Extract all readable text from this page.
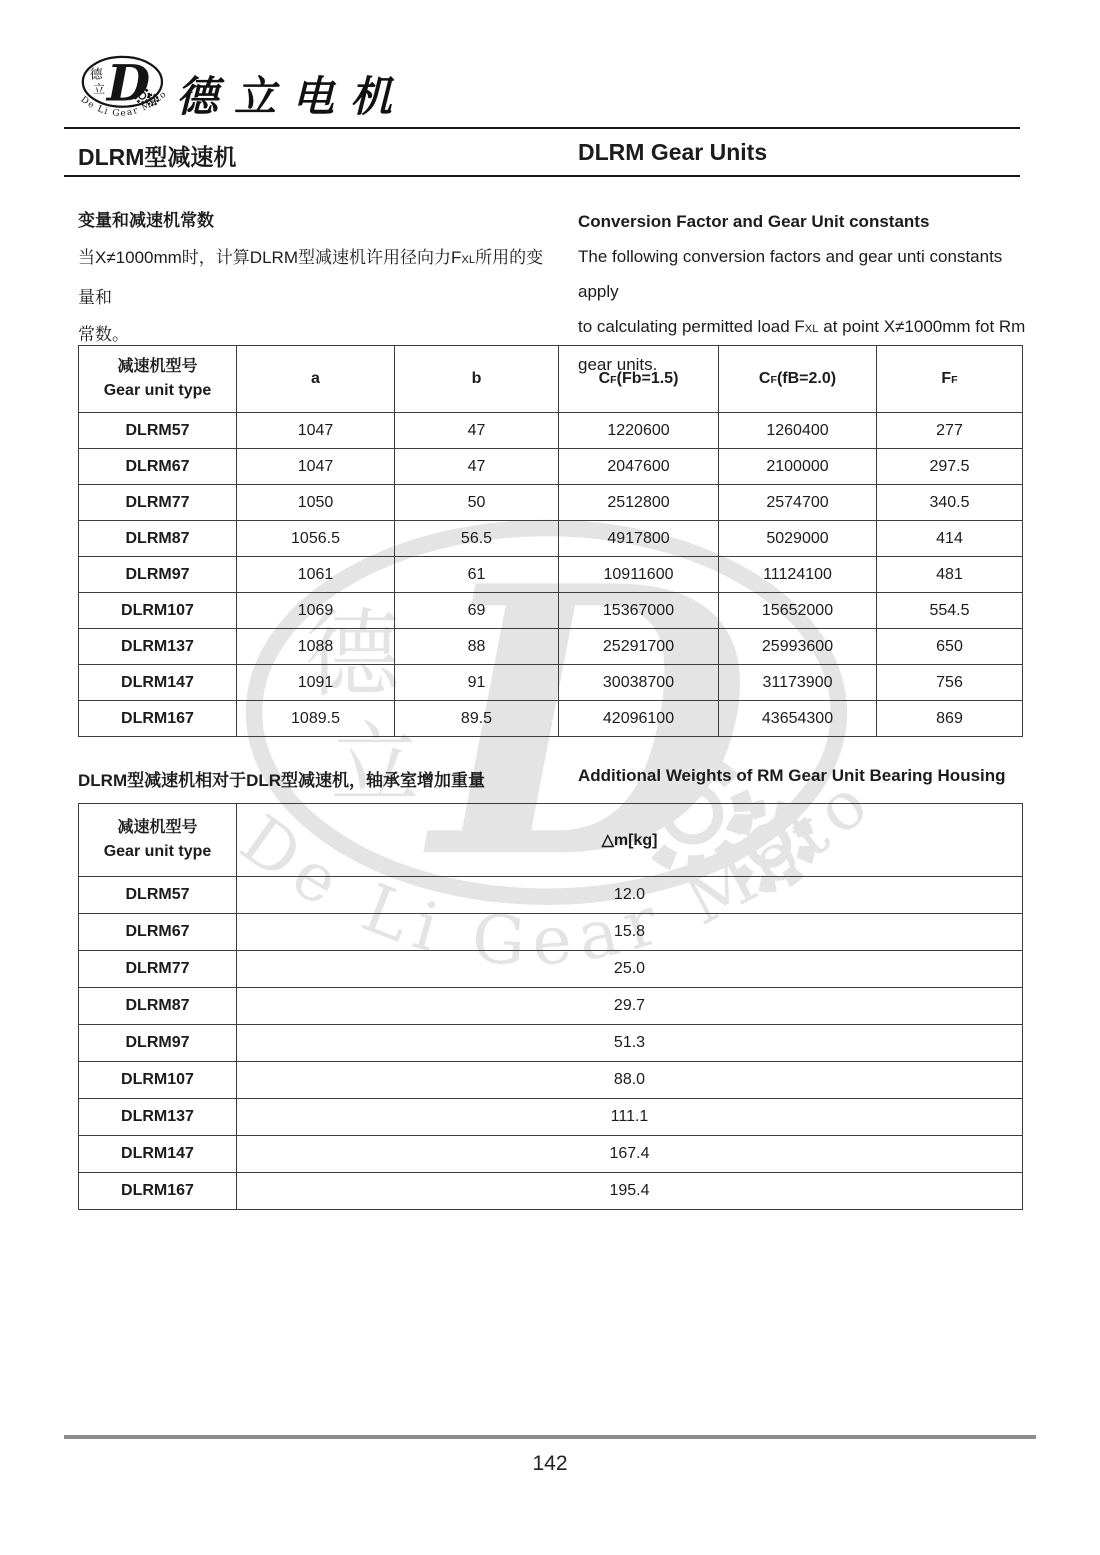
德立电机
DLRM型减速机	DLRM Gear Units
变量和减速机常数
当X≠1000mm时，计算DLRM型减速机许用径向力FXL所用的变量和
常数。
Conversion Factor and Gear Unit constants
The following conversion factors and gear unti constants apply
to calculating permitted load FXL at point X≠1000mm fot Rm
gear units.
减速机型号
Gear unit type	a	b	CF(Fb=1.5)	CF(fB=2.0)	FF
DLRM57	1047	47	1220600	1260400	277
DLRM67	1047	47	2047600	2100000	297.5
DLRM77	1050	50	2512800	2574700	340.5
DLRM87	1056.5	56.5	4917800	5029000	414
DLRM97	1061	61	10911600	11124100	481
DLRM107	1069	69	15367000	15652000	554.5
DLRM137	1088	88	25291700	25993600	650
DLRM147	1091	91	30038700	31173900	756
DLRM167	1089.5	89.5	42096100	43654300	869
DLRM型减速机相对于DLR型减速机，轴承室增加重量	Additional Weights of RM Gear Unit Bearing Housing
减速机型号
Gear unit type	△m[kg]
DLRM57	12.0
DLRM67	15.8
DLRM77	25.0
DLRM87	29.7
DLRM97	51.3
DLRM107	88.0
DLRM137	111.1
DLRM147	167.4
DLRM167	195.4
142
